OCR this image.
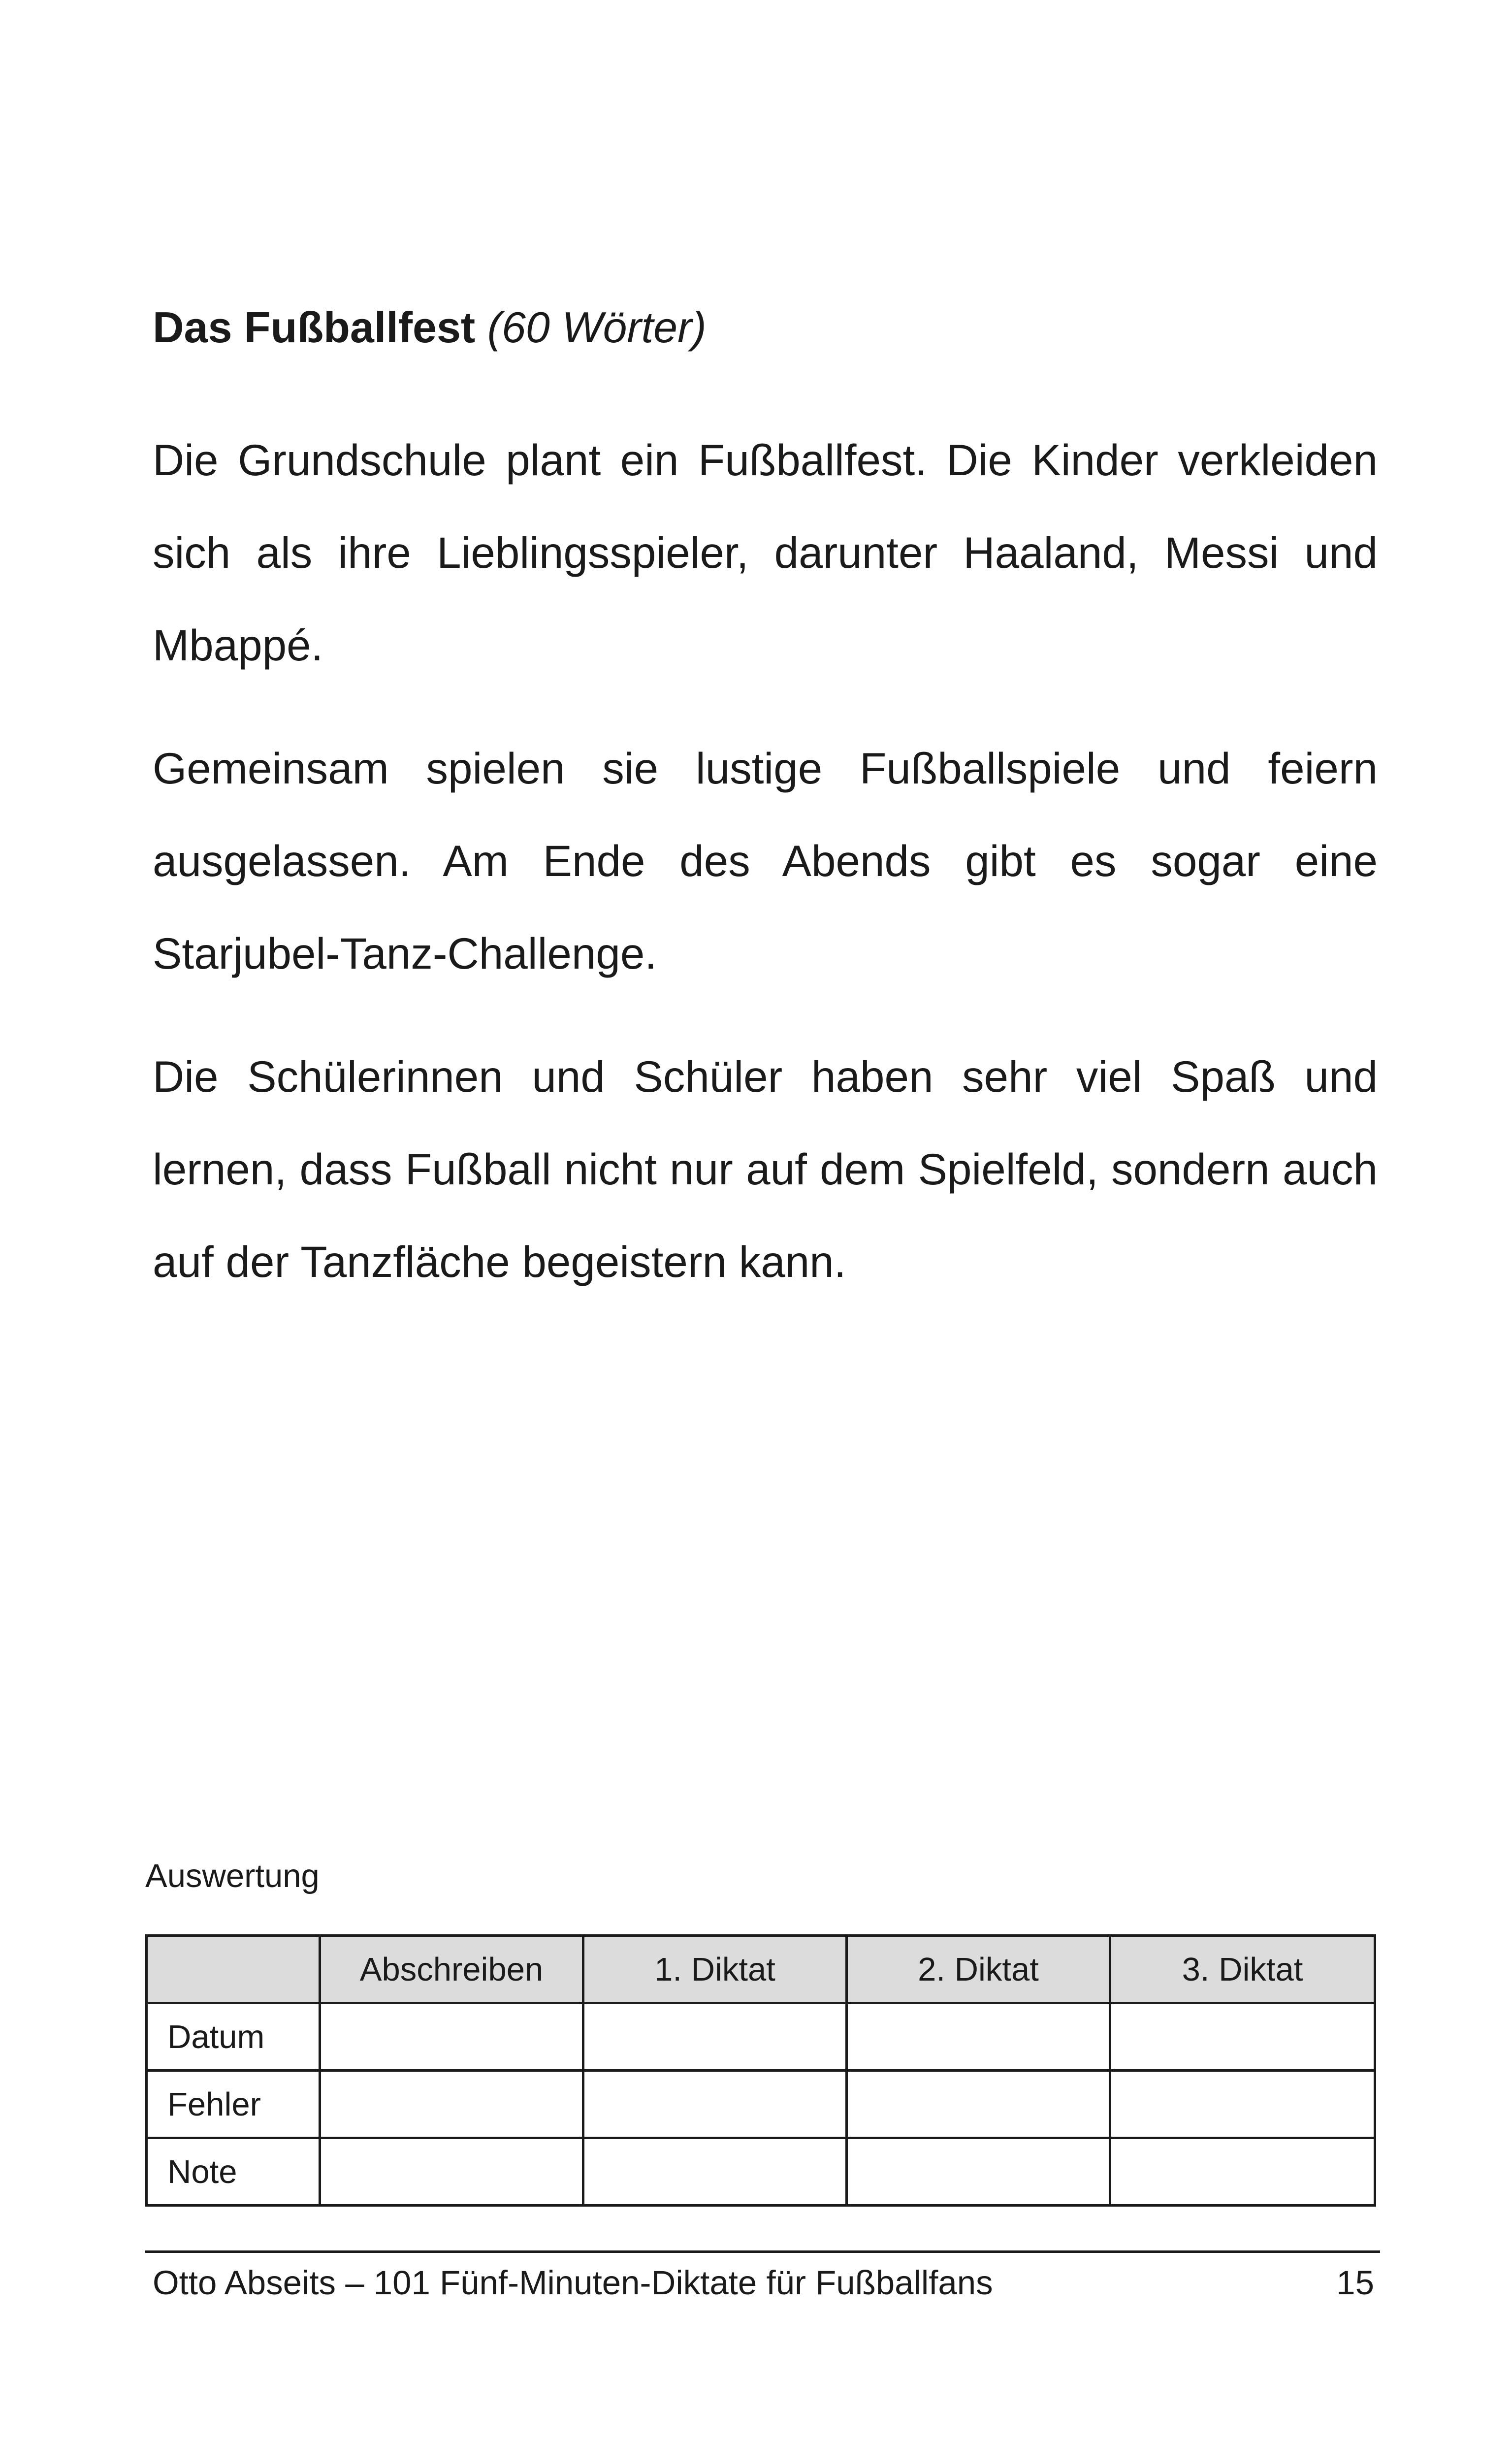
Das Fußballfest (60 Wörter)

Die Grundschule plant ein Fußballfest. Die Kinder verkleiden sich als ihre Lieblingsspieler, darunter Haaland, Messi und Mbappé.

Gemeinsam spielen sie lustige Fußballspiele und feiern ausgelassen. Am Ende des Abends gibt es sogar eine Starjubel-Tanz-Challenge.

Die Schülerinnen und Schüler haben sehr viel Spaß und lernen, dass Fußball nicht nur auf dem Spielfeld, sondern auch auf der Tanzfläche begeistern kann.

Auswertung

	Abschreiben	1. Diktat	2. Diktat	3. Diktat
Datum				
Fehler				
Note				
Otto Abseits – 101 Fünf-Minuten-Diktate für Fußballfans	15
